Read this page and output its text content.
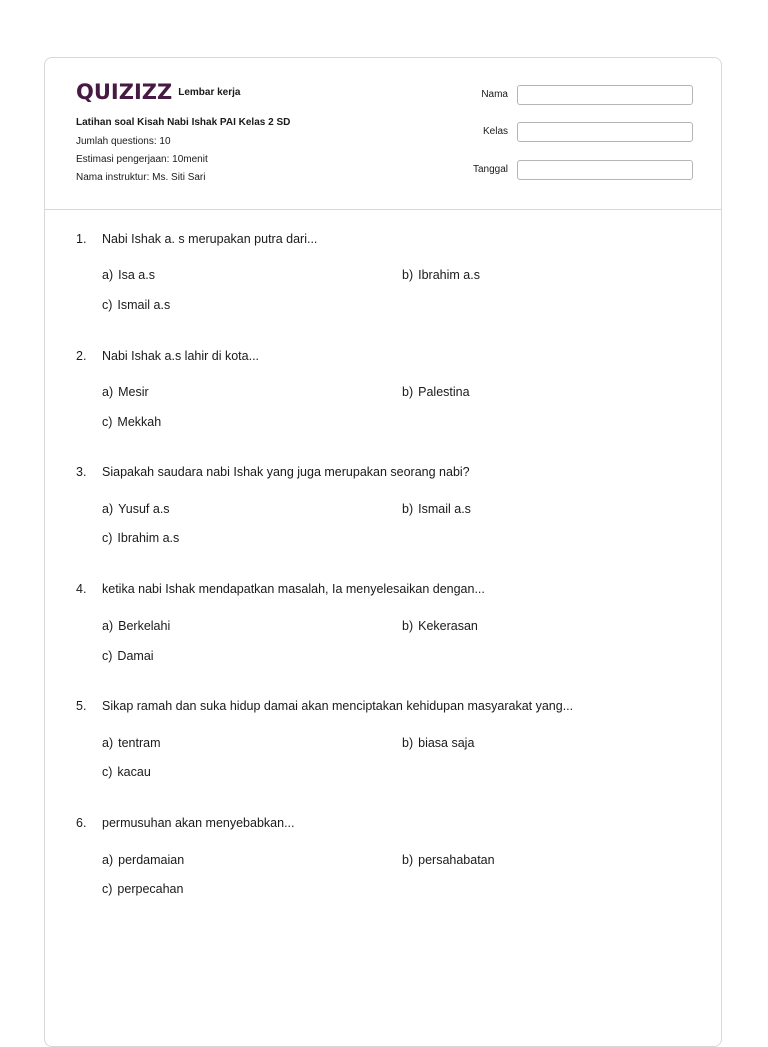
QUIZIZZ Lembar kerja
Latihan soal Kisah Nabi Ishak PAI Kelas 2 SD
Jumlah questions: 10
Estimasi pengerjaan: 10menit
Nama instruktur: Ms. Siti Sari
Nama
Kelas
Tanggal
1.	Nabi Ishak a. s merupakan putra dari...
a) Isa a.s	b) Ibrahim a.s
c) Ismail a.s
2.	Nabi Ishak a.s lahir di kota...
a) Mesir	b) Palestina
c) Mekkah
3.	Siapakah saudara nabi Ishak yang juga merupakan seorang nabi?
a) Yusuf a.s	b) Ismail a.s
c) Ibrahim a.s
4.	ketika nabi Ishak mendapatkan masalah, Ia menyelesaikan dengan...
a) Berkelahi	b) Kekerasan
c) Damai
5.	Sikap ramah dan suka hidup damai akan menciptakan kehidupan masyarakat yang...
a) tentram	b) biasa saja
c) kacau
6.	permusuhan akan menyebabkan...
a) perdamaian	b) persahabatan
c) perpecahan
